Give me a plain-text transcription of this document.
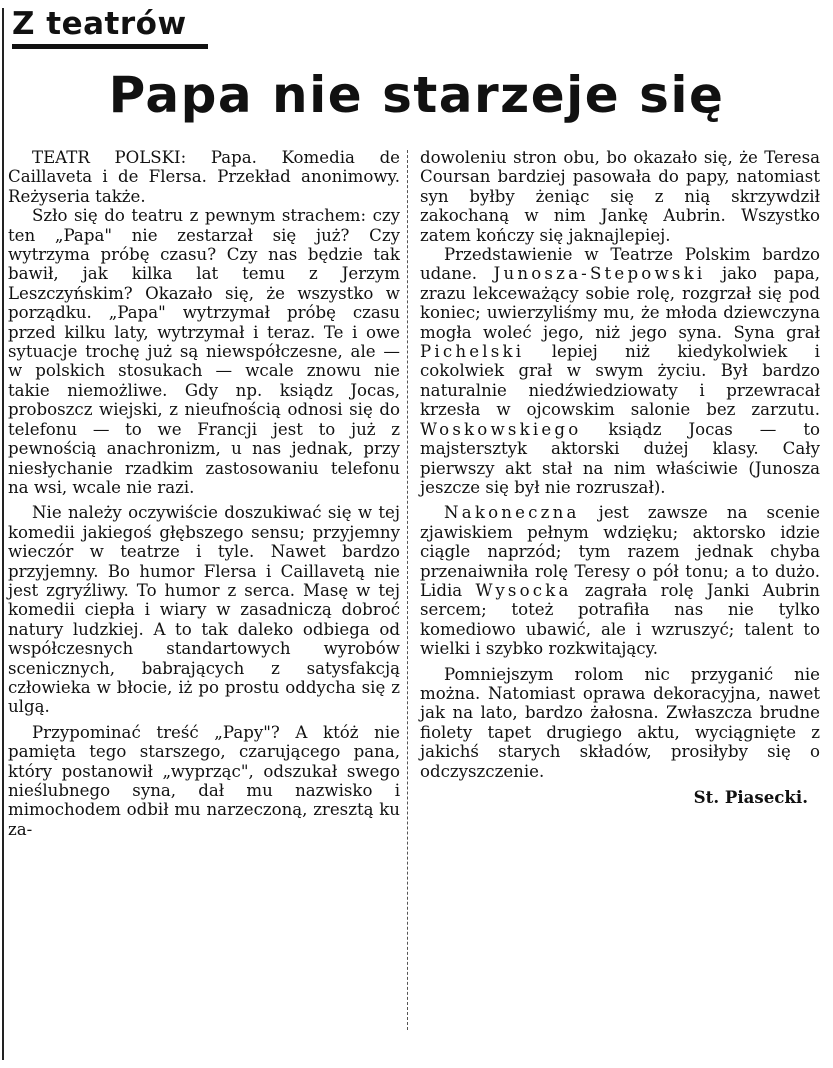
Z teatrów
Papa nie starzeje się

TEATR POLSKI: Papa. Komedia de Caillaveta i de Flersa. Przekład anonimowy. Reżyseria także.

Szło się do teatru z pewnym strachem: czy ten „Papa" nie zestarzał się już? Czy wytrzyma próbę czasu? Czy nas będzie tak bawił, jak kilka lat temu z Jerzym Leszczyńskim? Okazało się, że wszystko w porządku. „Papa" wytrzymał próbę czasu przed kilku laty, wytrzymał i teraz. Te i owe sytuacje trochę już są niewspółczesne, ale — w polskich stosukach — wcale znowu nie takie niemożliwe. Gdy np. ksiądz Jocas, proboszcz wiejski, z nieufnością odnosi się do telefonu — to we Francji jest to już z pewnością anachronizm, u nas jednak, przy niesłychanie rzadkim zastosowaniu telefonu na wsi, wcale nie razi.

Nie należy oczywiście doszukiwać się w tej komedii jakiegoś głębszego sensu; przyjemny wieczór w teatrze i tyle. Nawet bardzo przyjemny. Bo humor Flersa i Caillavetą nie jest zgryźliwy. To humor z serca. Masę w tej komedii ciepła i wiary w zasadniczą dobroć natury ludzkiej. A to tak daleko odbiega od współczesnych standartowych wyrobów scenicznych, babrających z satysfakcją człowieka w błocie, iż po prostu oddycha się z ulgą.

Przypominać treść „Papy"? A któż nie pamięta tego starszego, czarującego pana, który postanowił „wyprząc", odszukał swego nieślubnego syna, dał mu nazwisko i mimochodem odbił mu narzeczoną, zresztą ku za-

dowoleniu stron obu, bo okazało się, że Teresa Coursan bardziej pasowała do papy, natomiast syn byłby żeniąc się z nią skrzywdził zakochaną w nim Jankę Aubrin. Wszystko zatem kończy się jaknajlepiej.

Przedstawienie w Teatrze Polskim bardzo udane. Junosza-Stepowski jako papa, zrazu lekceważący sobie rolę, rozgrzał się pod koniec; uwierzyliśmy mu, że młoda dziewczyna mogła woleć jego, niż jego syna. Syna grał Pichelski lepiej niż kiedykolwiek i cokolwiek grał w swym życiu. Był bardzo naturalnie niedźwiedziowaty i przewracał krzesła w ojcowskim salonie bez zarzutu. Woskowskiego ksiądz Jocas — to majstersztyk aktorski dużej klasy. Cały pierwszy akt stał na nim właściwie (Junosza jeszcze się był nie rozruszał).

Nakoneczna jest zawsze na scenie zjawiskiem pełnym wdzięku; aktorsko idzie ciągle naprzód; tym razem jednak chyba przenaiwniła rolę Teresy o pół tonu; a to dużo. Lidia Wysocka zagrała rolę Janki Aubrin sercem; toteż potrafiła nas nie tylko komediowo ubawić, ale i wzruszyć; talent to wielki i szybko rozkwitający.

Pomniejszym rolom nic przyganić nie można. Natomiast oprawa dekoracyjna, nawet jak na lato, bardzo żałosna. Zwłaszcza brudne fiolety tapet drugiego aktu, wyciągnięte z jakichś starych składów, prosiłyby się o odczyszczenie.

St. Piasecki.
